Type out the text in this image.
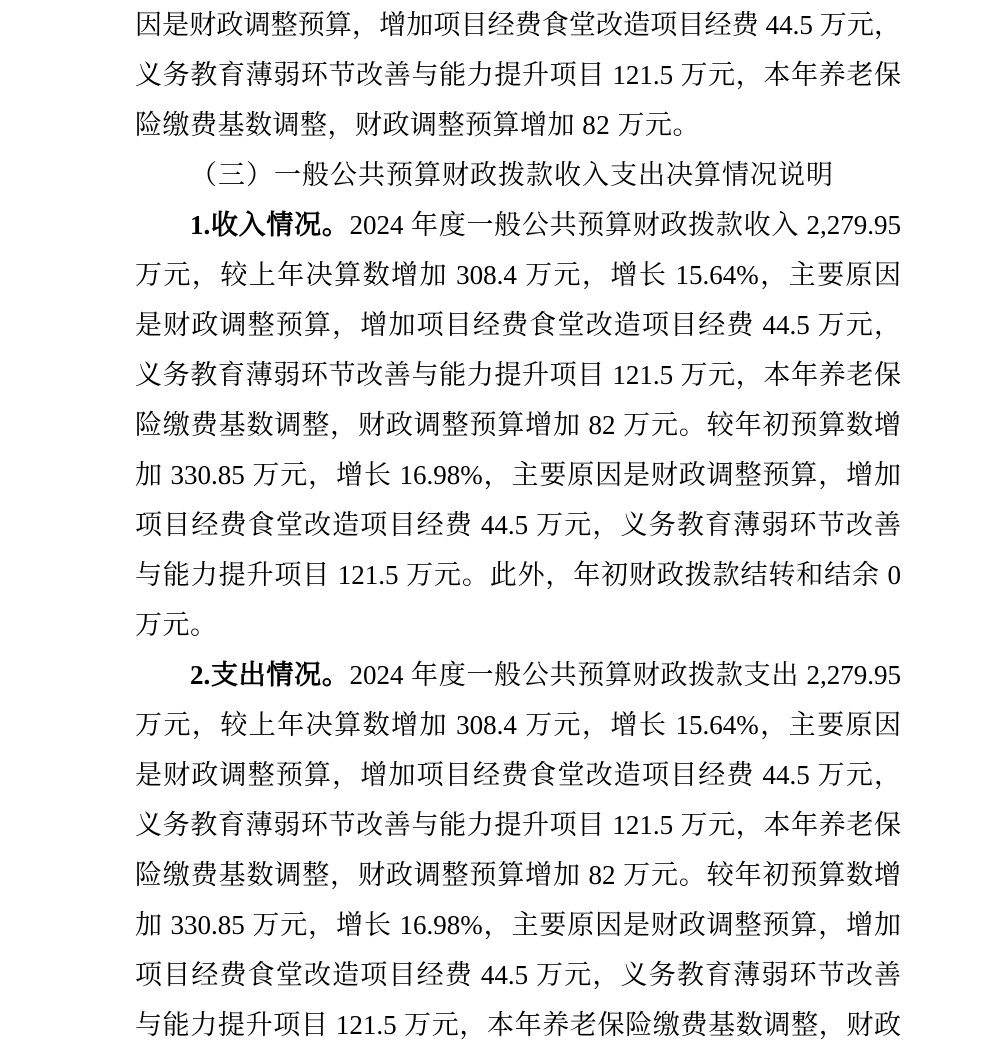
因是财政调整预算，增加项目经费食堂改造项目经费 44.5 万元，
义务教育薄弱环节改善与能力提升项目 121.5 万元，本年养老保
险缴费基数调整，财政调整预算增加 82 万元。
（三）一般公共预算财政拨款收入支出决算情况说明
1.收入情况。2024 年度一般公共预算财政拨款收入 2,279.95
万元，较上年决算数增加 308.4 万元，增长 15.64%，主要原因
是财政调整预算，增加项目经费食堂改造项目经费 44.5 万元，
义务教育薄弱环节改善与能力提升项目 121.5 万元，本年养老保
险缴费基数调整，财政调整预算增加 82 万元。较年初预算数增
加 330.85 万元，增长 16.98%，主要原因是财政调整预算，增加
项目经费食堂改造项目经费 44.5 万元，义务教育薄弱环节改善
与能力提升项目 121.5 万元。此外，年初财政拨款结转和结余 0
万元。
2.支出情况。2024 年度一般公共预算财政拨款支出 2,279.95
万元，较上年决算数增加 308.4 万元，增长 15.64%，主要原因
是财政调整预算，增加项目经费食堂改造项目经费 44.5 万元，
义务教育薄弱环节改善与能力提升项目 121.5 万元，本年养老保
险缴费基数调整，财政调整预算增加 82 万元。较年初预算数增
加 330.85 万元，增长 16.98%，主要原因是财政调整预算，增加
项目经费食堂改造项目经费 44.5 万元，义务教育薄弱环节改善
与能力提升项目 121.5 万元，本年养老保险缴费基数调整，财政
